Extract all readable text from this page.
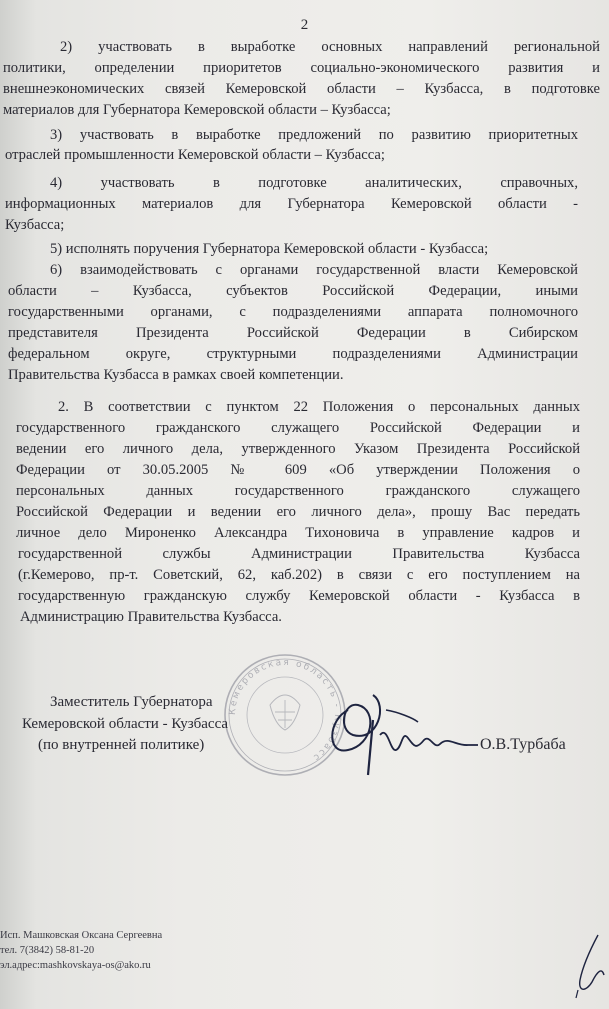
2
2) участвовать в выработке основных направлений региональной
политики, определении приоритетов социально-экономического развития и
внешнеэкономических связей Кемеровской области – Кузбасса, в подготовке
материалов для Губернатора Кемеровской области – Кузбасса;
3) участвовать в выработке предложений по развитию приоритетных
отраслей промышленности Кемеровской области – Кузбасса;
4) участвовать в подготовке аналитических, справочных,
информационных материалов для Губернатора Кемеровской области -
Кузбасса;
5) исполнять поручения Губернатора Кемеровской области - Кузбасса;
6) взаимодействовать с органами государственной власти Кемеровской
области – Кузбасса, субъектов Российской Федерации, иными
государственными органами, с подразделениями аппарата полномочного
представителя Президента Российской Федерации в Сибирском
федеральном округе, структурными подразделениями Администрации
Правительства Кузбасса в рамках своей компетенции.
2. В соответствии с пунктом 22 Положения о персональных данных
государственного гражданского служащего Российской Федерации и
ведении его личного дела, утвержденного Указом Президента Российской
Федерации от 30.05.2005 № 609 «Об утверждении Положения о
персональных данных государственного гражданского служащего
Российской Федерации и ведении его личного дела», прошу Вас передать
личное дело Мироненко Александра Тихоновича в управление кадров и
государственной службы Администрации Правительства Кузбасса
(г.Кемерово, пр-т. Советский, 62, каб.202) в связи с его поступлением на
государственную гражданскую службу Кемеровской области - Кузбасса в
Администрацию Правительства Кузбасса.
Кемеровская область - Кузбасс
Заместитель Губернатора
Кемеровской области - Кузбасса
(по внутренней политике)	О.В.Турбаба
Исп. Машковская Оксана Сергеевна
тел. 7(3842) 58-81-20
эл.адрес:mashkovskaya-os@ako.ru
